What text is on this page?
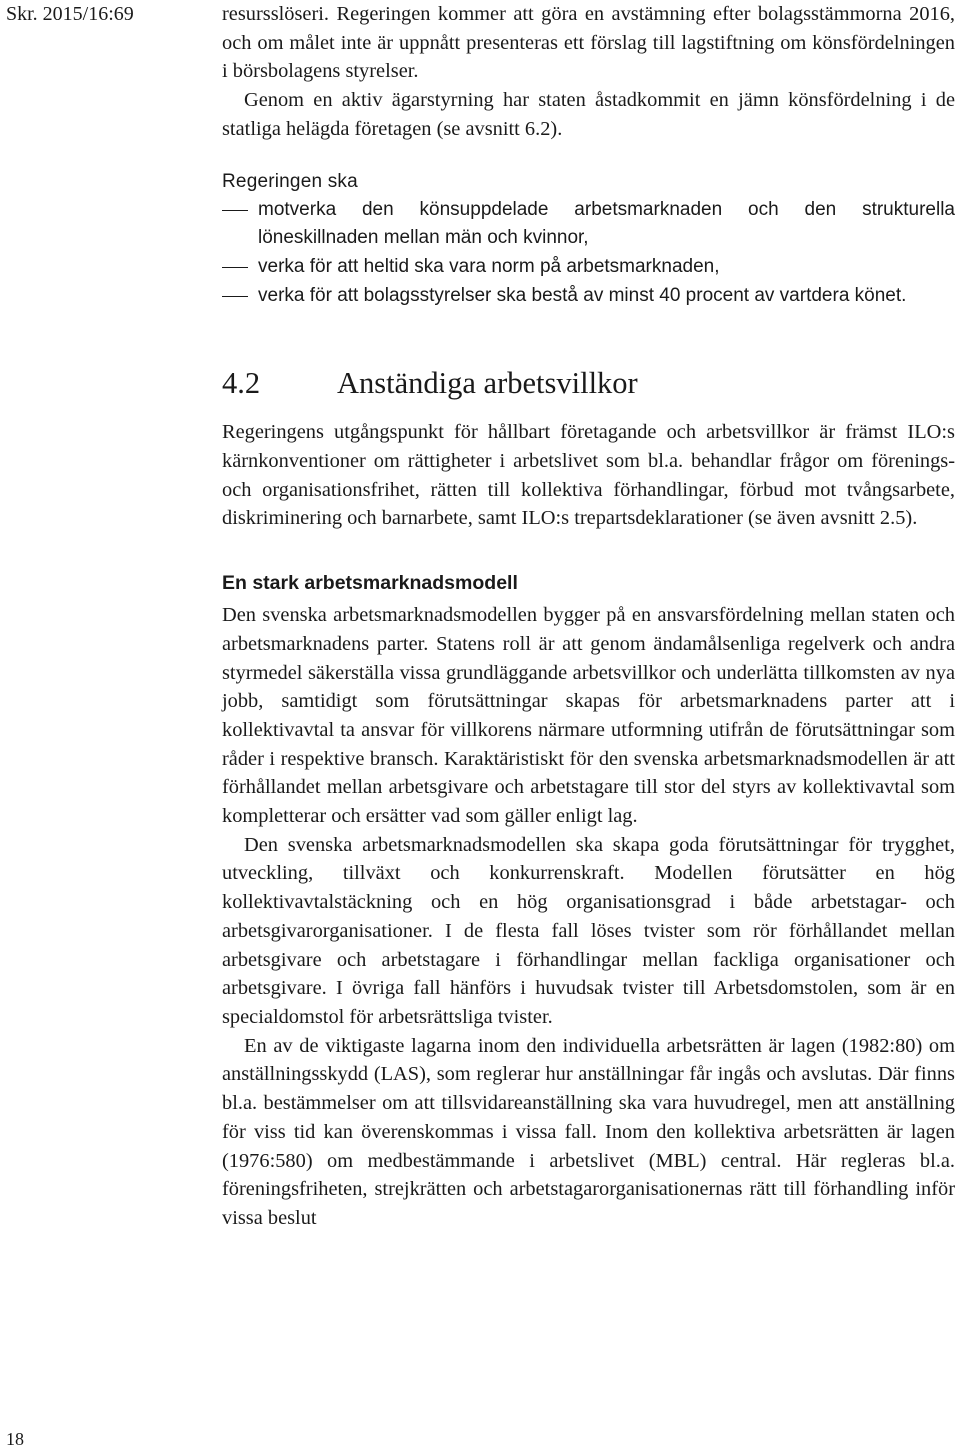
Skr. 2015/16:69
18

resursslöseri. Regeringen kommer att göra en avstämning efter bolagsstämmorna 2016, och om målet inte är uppnått presenteras ett förslag till lagstiftning om könsfördelningen i börsbolagens styrelser.

Genom en aktiv ägarstyrning har staten åstadkommit en jämn könsfördelning i de statliga helägda företagen (se avsnitt 6.2).

Regeringen ska

motverka den könsuppdelade arbetsmarknaden och den strukturella löneskillnaden mellan män och kvinnor,
verka för att heltid ska vara norm på arbetsmarknaden,
verka för att bolagsstyrelser ska bestå av minst 40 procent av vartdera könet.
4.2	Anständiga arbetsvillkor

Regeringens utgångspunkt för hållbart företagande och arbetsvillkor är främst ILO:s kärnkonventioner om rättigheter i arbetslivet som bl.a. behandlar frågor om förenings- och organisationsfrihet, rätten till kollektiva förhandlingar, förbud mot tvångsarbete, diskriminering och barnarbete, samt ILO:s trepartsdeklarationer (se även avsnitt 2.5).

En stark arbetsmarknadsmodell

Den svenska arbetsmarknadsmodellen bygger på en ansvarsfördelning mellan staten och arbetsmarknadens parter. Statens roll är att genom ändamålsenliga regelverk och andra styrmedel säkerställa vissa grundläggande arbetsvillkor och underlätta tillkomsten av nya jobb, samtidigt som förutsättningar skapas för arbetsmarknadens parter att i kollektivavtal ta ansvar för villkorens närmare utformning utifrån de förutsättningar som råder i respektive bransch. Karaktäristiskt för den svenska arbetsmarknadsmodellen är att förhållandet mellan arbetsgivare och arbetstagare till stor del styrs av kollektivavtal som kompletterar och ersätter vad som gäller enligt lag.

Den svenska arbetsmarknadsmodellen ska skapa goda förutsättningar för trygghet, utveckling, tillväxt och konkurrenskraft. Modellen förutsätter en hög kollektivavtalstäckning och en hög organisationsgrad i både arbetstagar- och arbetsgivarorganisationer. I de flesta fall löses tvister som rör förhållandet mellan arbetsgivare och arbetstagare i förhandlingar mellan fackliga organisationer och arbetsgivare. I övriga fall hänförs i huvudsak tvister till Arbetsdomstolen, som är en specialdomstol för arbetsrättsliga tvister.

En av de viktigaste lagarna inom den individuella arbetsrätten är lagen (1982:80) om anställningsskydd (LAS), som reglerar hur anställningar får ingås och avslutas. Där finns bl.a. bestämmelser om att tillsvidareanställning ska vara huvudregel, men att anställning för viss tid kan överenskommas i vissa fall. Inom den kollektiva arbetsrätten är lagen (1976:580) om medbestämmande i arbetslivet (MBL) central. Här regleras bl.a. föreningsfriheten, strejkrätten och arbetstagarorganisationernas rätt till förhandling inför vissa beslut
